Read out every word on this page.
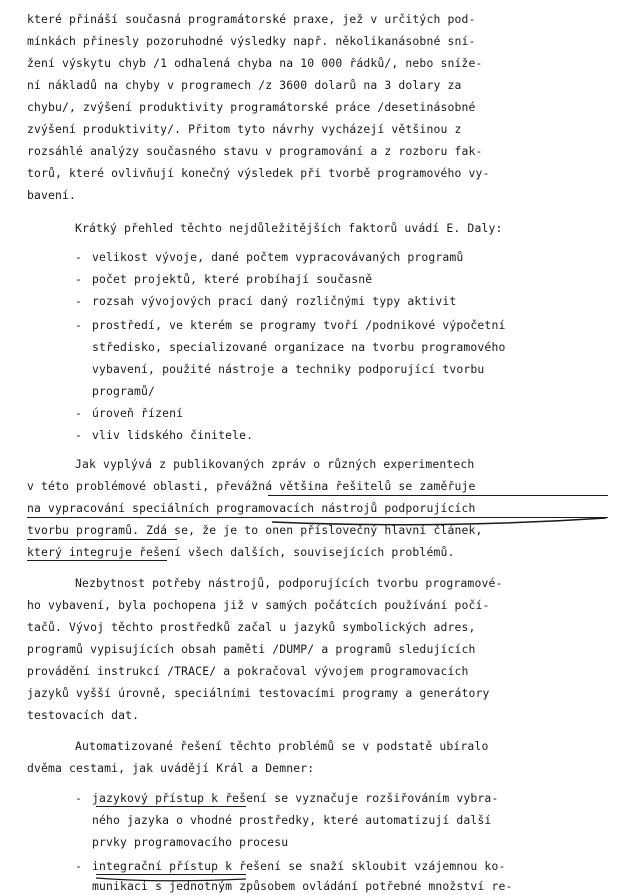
které přináší současná programátorské praxe, jež v určitých pod-
mínkách přinesly pozoruhodné výsledky např. několikanásobné sní-
žení výskytu chyb /1 odhalená chyba na 10 000 řádků/, nebo sníže-
ní nákladů na chyby v programech /z 3600 dolarů na 3 dolary za
chybu/, zvýšení produktivity programátorské práce /desetinásobné
zvýšení produktivity/. Přitom tyto návrhy vycházejí většinou z
rozsáhlé analýzy současného stavu v programování a z rozboru fak-
torů, které ovlivňují konečný výsledek při tvorbě programového vy-
bavení.
Krátký přehled těchto nejdůležitějších faktorů uvádí E. Daly:
- velikost vývoje, dané počtem vypracovávaných programů
- počet projektů, které probíhají současně
- rozsah vývojových prací daný rozličnými typy aktivit
- prostředí, ve kterém se programy tvoří /podnikové výpočetní
středisko, specializované organizace na tvorbu programového
vybavení, použité nástroje a techniky podporující tvorbu
programů/
- úroveň řízení
- vliv lidského činitele.
Jak vyplývá z publikovaných zpráv o různých experimentech
v této problémové oblasti, převážná většina řešitelů se zaměřuje
na vypracování speciálních programovacích nástrojů podporujících
tvorbu programů. Zdá se, že je to onen příslovečný hlavní článek,
který integruje řešení všech dalších, souvisejících problémů.
Nezbytnost potřeby nástrojů, podporujících tvorbu programové-
ho vybavení, byla pochopena již v samých počátcích používání počí-
tačů. Vývoj těchto prostředků začal u jazyků symbolických adres,
programů vypisujících obsah paměti /DUMP/ a programů sledujících
provádění instrukcí /TRACE/ a pokračoval vývojem programovacích
jazyků vyšší úrovně, speciálními testovacími programy a generátory
testovacích dat.
Automatizované řešení těchto problémů se v podstatě ubíralo
dvěma cestami, jak uvádějí Král a Demner:
- jazykový přístup k řešení se vyznačuje rozšiřováním vybra-
ného jazyka o vhodné prostředky, které automatizují další
prvky programovacího procesu
- integrační přístup k řešení se snaží skloubit vzájemnou ko-
munikaci s jednotným způsobem ovládání potřebné množství re-
